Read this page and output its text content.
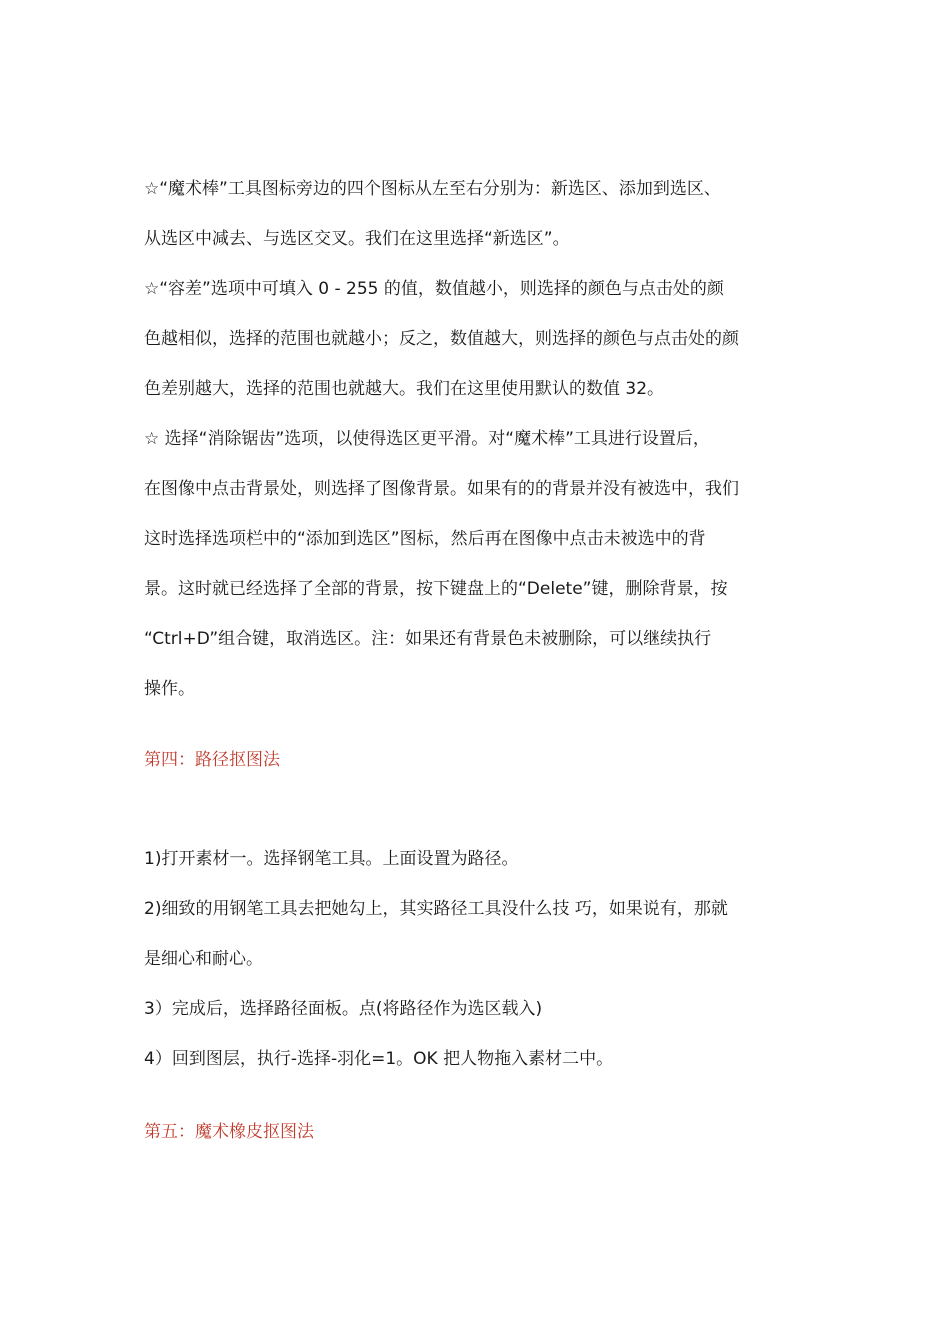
☆“魔术棒”工具图标旁边的四个图标从左至右分别为：新选区、添加到选区、
从选区中减去、与选区交叉。我们在这里选择“新选区”。
☆“容差”选项中可填入 0 - 255 的值，数值越小，则选择的颜色与点击处的颜
色越相似，选择的范围也就越小；反之，数值越大，则选择的颜色与点击处的颜
色差别越大，选择的范围也就越大。我们在这里使用默认的数值 32。
☆ 选择“消除锯齿”选项，以使得选区更平滑。对“魔术棒”工具进行设置后，
在图像中点击背景处，则选择了图像背景。如果有的的背景并没有被选中，我们
这时选择选项栏中的“添加到选区”图标，然后再在图像中点击未被选中的背
景。这时就已经选择了全部的背景，按下键盘上的“Delete”键，删除背景，按
“Ctrl+D”组合键，取消选区。注：如果还有背景色未被删除，可以继续执行
操作。
第四：路径抠图法
1)打开素材一。选择钢笔工具。上面设置为路径。
2)细致的用钢笔工具去把她勾上，其实路径工具没什么技 巧，如果说有，那就
是细心和耐心。
3）完成后，选择路径面板。点(将路径作为选区载入)
4）回到图层，执行-选择-羽化=1。OK 把人物拖入素材二中。
第五：魔术橡皮抠图法
